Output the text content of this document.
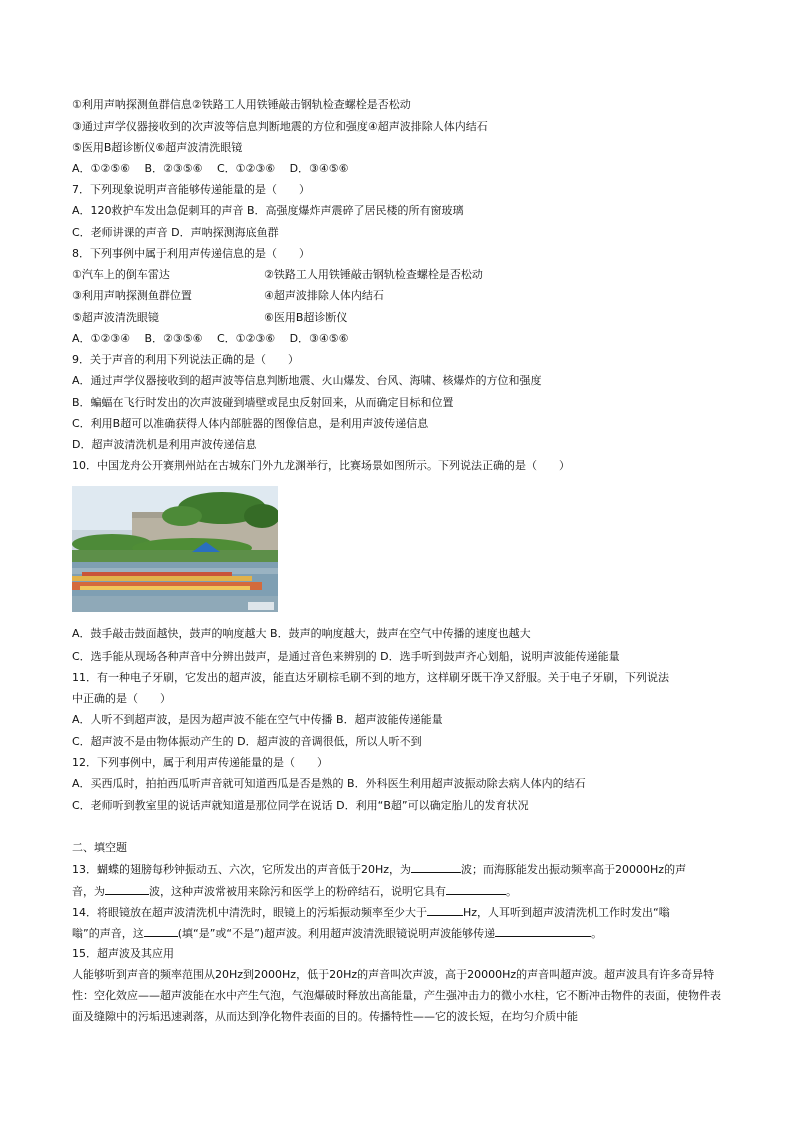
①利用声呐探测鱼群信息②铁路工人用铁锤敲击钢轨检查螺栓是否松动
③通过声学仪器接收到的次声波等信息判断地震的方位和强度④超声波排除人体内结石
⑤医用B超诊断仪⑥超声波清洗眼镜
A．①②⑤⑥　 B．②③⑤⑥　 C．①②③⑥　 D．③④⑤⑥
7．下列现象说明声音能够传递能量的是（　　）
A．120救护车发出急促刺耳的声音 B．高强度爆炸声震碎了居民楼的所有窗玻璃
C．老师讲课的声音 D．声呐探测海底鱼群
8．下列事例中属于利用声传递信息的是（　　）
①汽车上的倒车雷达	②铁路工人用铁锤敲击钢轨检查螺栓是否松动
③利用声呐探测鱼群位置	④超声波排除人体内结石
⑤超声波清洗眼镜	⑥医用B超诊断仪
A．①②③④　 B．②③⑤⑥　 C．①②③⑥　 D．③④⑤⑥
9．关于声音的利用下列说法正确的是（　　）
A．通过声学仪器接收到的超声波等信息判断地震、火山爆发、台风、海啸、核爆炸的方位和强度
B．蝙蝠在飞行时发出的次声波碰到墙壁或昆虫反射回来，从而确定目标和位置
C．利用B超可以准确获得人体内部脏器的图像信息，是利用声波传递信息
D．超声波清洗机是利用声波传递信息
10．中国龙舟公开赛荆州站在古城东门外九龙渊举行，比赛场景如图所示。下列说法正确的是（　　）
A．鼓手敲击鼓面越快，鼓声的响度越大 B．鼓声的响度越大，鼓声在空气中传播的速度也越大
C．选手能从现场各种声音中分辨出鼓声，是通过音色来辨别的 D．选手听到鼓声齐心划船，说明声波能传递能量
11．有一种电子牙刷，它发出的超声波，能直达牙刷棕毛刷不到的地方，这样刷牙既干净又舒服。关于电子牙刷，下列说法
中正确的是（　　）
A．人听不到超声波，是因为超声波不能在空气中传播 B．超声波能传递能量
C．超声波不是由物体振动产生的 D．超声波的音调很低，所以人听不到
12．下列事例中，属于利用声传递能量的是（　　）
A．买西瓜时，拍拍西瓜听声音就可知道西瓜是否是熟的 B．外科医生利用超声波振动除去病人体内的结石
C．老师听到教室里的说话声就知道是那位同学在说话 D．利用“B超”可以确定胎儿的发育状况
二、填空题
13．蝴蝶的翅膀每秒钟振动五、六次，它所发出的声音低于20Hz，为	波；而海豚能发出振动频率高于20000Hz的声
音，为	波，这种声波常被用来除污和医学上的粉碎结石，说明它具有	。
14．将眼镜放在超声波清洗机中清洗时，眼镜上的污垢振动频率至少大于	Hz，人耳听到超声波清洗机工作时发出“嗡
嗡”的声音，这	(填“是”或“不是”)超声波。利用超声波清洗眼镜说明声波能够传递	。
15．超声波及其应用
人能够听到声音的频率范围从20Hz到2000Hz，低于20Hz的声音叫次声波，高于20000Hz的声音叫超声波。超声波具有许多奇异特性：空化效应——超声波能在水中产生气泡，气泡爆破时释放出高能量，产生强冲击力的微小水柱，它不断冲击物件的表面，使物件表面及缝隙中的污垢迅速剥落，从而达到净化物件表面的目的。传播特性——它的波长短，在均匀介质中能
